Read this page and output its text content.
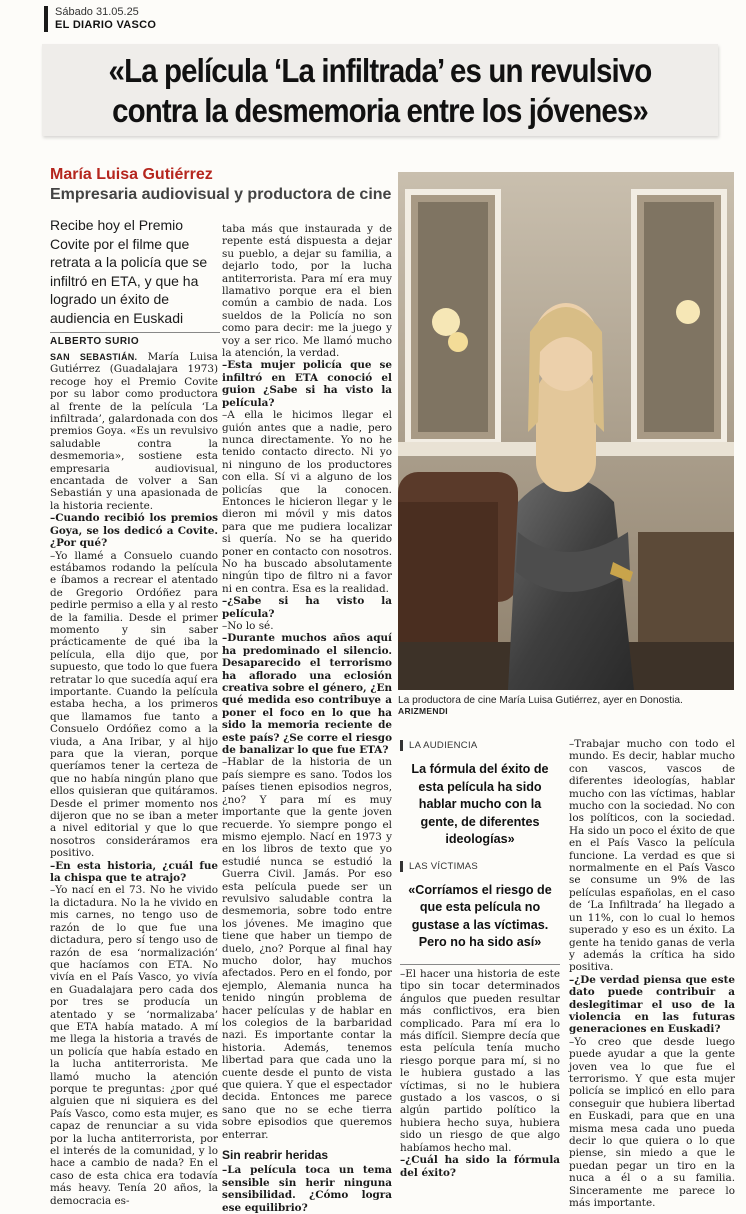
Sábado 31.05.25
EL DIARIO VASCO
«La película ‘La infiltrada’ es un revulsivo
contra la desmemoria entre los jóvenes»
María Luisa Gutiérrez
Empresaria audiovisual y productora de cine
Recibe hoy el Premio Covite por el filme que retrata a la policía que se infiltró en ETA, y que ha logrado un éxito de audiencia en Euskadi
ALBERTO SURIO

SAN SEBASTIÁN. María Luisa Gutiérrez (Guadalajara 1973) recoge hoy el Premio Covite por su labor como productora al frente de la película ‘La infiltrada’, galardonada con dos premios Goya. «Es un revulsivo saludable contra la desmemoria», sostiene esta empresaria audiovisual, encantada de volver a San Sebastián y una apasionada de la historia reciente.

–Cuando recibió los premios Goya, se los dedicó a Covite. ¿Por qué?

–Yo llamé a Consuelo cuando estábamos rodando la película e íbamos a recrear el atentado de Gregorio Ordóñez para pedirle permiso a ella y al resto de la familia. Desde el primer momento y sin saber prácticamente de qué iba la película, ella dijo que, por supuesto, que todo lo que fuera retratar lo que sucedía aquí era importante. Cuando la película estaba hecha, a los primeros que llamamos fue tanto a Consuelo Ordóñez como a la viuda, a Ana Iribar, y al hijo para que la vieran, porque queríamos tener la certeza de que no había ningún plano que ellos quisieran que quitáramos. Desde el primer momento nos dijeron que no se iban a meter a nivel editorial y que lo que nosotros consideráramos era positivo.

–En esta historia, ¿cuál fue la chispa que te atrajo?

–Yo nací en el 73. No he vivido la dictadura. No la he vivido en mis carnes, no tengo uso de razón de lo que fue una dictadura, pero sí tengo uso de razón de esa ‘normalización’ que hacíamos con ETA. No vivía en el País Vasco, yo vivía en Guadalajara pero cada dos por tres se producía un atentado y se ‘normalizaba’ que ETA había matado. A mí me llega la historia a través de un policía que había estado en la lucha antiterrorista. Me llamó mucho la atención porque te preguntas: ¿por qué alguien que ni siquiera es del País Vasco, como esta mujer, es capaz de renunciar a su vida por la lucha antiterrorista, por el interés de la comunidad, y lo hace a cambio de nada? En el caso de esta chica era todavía más heavy. Tenía 20 años, la democracia es-

taba más que instaurada y de repente está dispuesta a dejar su pueblo, a dejar su familia, a dejarlo todo, por la lucha antiterrorista. Para mí era muy llamativo porque era el bien común a cambio de nada. Los sueldos de la Policía no son como para decir: me la juego y voy a ser rico. Me llamó mucho la atención, la verdad.

–Esta mujer policía que se infiltró en ETA conoció el guion ¿Sabe si ha visto la película?

–A ella le hicimos llegar el guión antes que a nadie, pero nunca directamente. Yo no he tenido contacto directo. Ni yo ni ninguno de los productores con ella. Sí vi a alguno de los policías que la conocen. Entonces le hicieron llegar y le dieron mi móvil y mis datos para que me pudiera localizar si quería. No se ha querido poner en contacto con nosotros. No ha buscado absolutamente ningún tipo de filtro ni a favor ni en contra. Esa es la realidad.

–¿Sabe si ha visto la película?

–No lo sé.

–Durante muchos años aquí ha predominado el silencio. Desaparecido el terrorismo ha aflorado una eclosión creativa sobre el género, ¿En qué medida eso contribuye a poner el foco en lo que ha sido la memoria reciente de este país? ¿Se corre el riesgo de banalizar lo que fue ETA?

–Hablar de la historia de un país siempre es sano. Todos los países tienen episodios negros, ¿no? Y para mí es muy importante que la gente joven recuerde. Yo siempre pongo el mismo ejemplo. Nací en 1973 y en los libros de texto que yo estudié nunca se estudió la Guerra Civil. Jamás. Por eso esta película puede ser un revulsivo saludable contra la desmemoria, sobre todo entre los jóvenes. Me imagino que tiene que haber un tiempo de duelo, ¿no? Porque al final hay mucho dolor, hay muchos afectados. Pero en el fondo, por ejemplo, Alemania nunca ha tenido ningún problema de hacer películas y de hablar en los colegios de la barbaridad nazi. Es importante contar la historia. Además, tenemos libertad para que cada uno la cuente desde el punto de vista que quiera. Y que el espectador decida. Entonces me parece sano que no se eche tierra sobre episodios que queremos enterrar.

Sin reabrir heridas

–La película toca un tema sensible sin herir ninguna sensibilidad. ¿Cómo logra ese equilibrio?

La productora de cine María Luisa Gutiérrez, ayer en Donostia. ARIZMENDI
LA AUDIENCIA
La fórmula del éxito de esta película ha sido hablar mucho con la gente, de diferentes ideologías»
LAS VÍCTIMAS
«Corríamos el riesgo de que esta película no gustase a las víctimas. Pero no ha sido así»

–El hacer una historia de este tipo sin tocar determinados ángulos que pueden resultar más conflictivos, era bien complicado. Para mí era lo más difícil. Siempre decía que esta película tenía mucho riesgo porque para mí, si no le hubiera gustado a las víctimas, si no le hubiera gustado a los vascos, o si algún partido político la hubiera hecho suya, hubiera sido un riesgo de que algo habíamos hecho mal.

–¿Cuál ha sido la fórmula del éxito?

–Trabajar mucho con todo el mundo. Es decir, hablar mucho con vascos, vascos de diferentes ideologías, hablar mucho con las víctimas, hablar mucho con la sociedad. No con los políticos, con la sociedad. Ha sido un poco el éxito de que en el País Vasco la película funcione. La verdad es que si normalmente en el País Vasco se consume un 9% de las películas españolas, en el caso de ‘La Infiltrada’ ha llegado a un 11%, con lo cual lo hemos superado y eso es un éxito. La gente ha tenido ganas de verla y además la crítica ha sido positiva.

–¿De verdad piensa que este dato puede contribuir a deslegitimar el uso de la violencia en las futuras generaciones en Euskadi?

–Yo creo que desde luego puede ayudar a que la gente joven vea lo que fue el terrorismo. Y que esta mujer policía se implicó en ello para conseguir que hubiera libertad en Euskadi, para que en una misma mesa cada uno pueda decir lo que quiera o lo que piense, sin miedo a que le puedan pegar un tiro en la nuca a él o a su familia. Sinceramente me parece lo más importante.
